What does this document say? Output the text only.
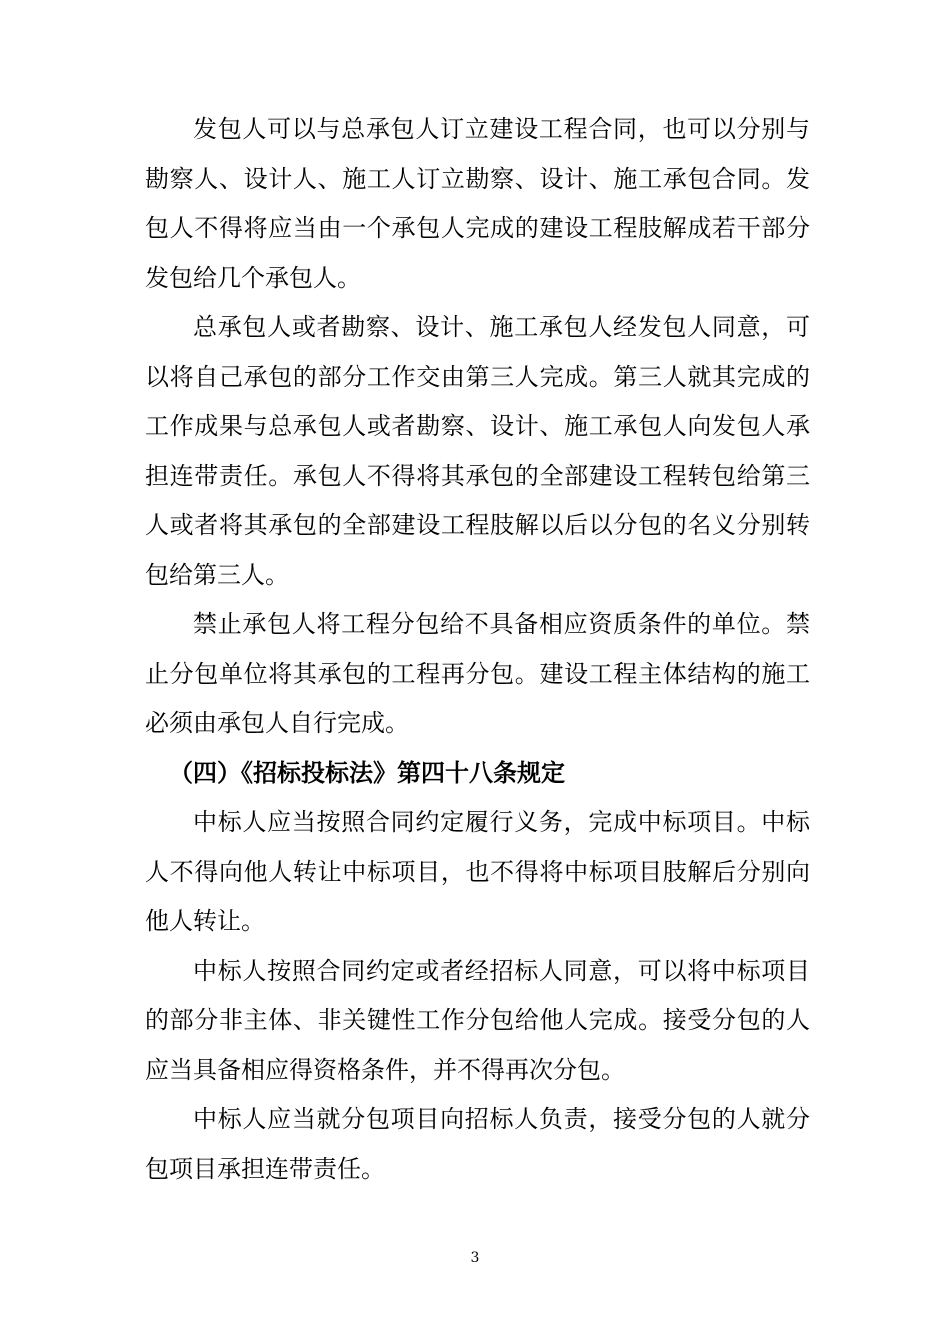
发包人可以与总承包人订立建设工程合同，也可以分别与勘察人、设计人、施工人订立勘察、设计、施工承包合同。发包人不得将应当由一个承包人完成的建设工程肢解成若干部分发包给几个承包人。

总承包人或者勘察、设计、施工承包人经发包人同意，可以将自己承包的部分工作交由第三人完成。第三人就其完成的工作成果与总承包人或者勘察、设计、施工承包人向发包人承担连带责任。承包人不得将其承包的全部建设工程转包给第三人或者将其承包的全部建设工程肢解以后以分包的名义分别转包给第三人。

禁止承包人将工程分包给不具备相应资质条件的单位。禁止分包单位将其承包的工程再分包。建设工程主体结构的施工必须由承包人自行完成。

（四）《招标投标法》第四十八条规定

中标人应当按照合同约定履行义务，完成中标项目。中标人不得向他人转让中标项目，也不得将中标项目肢解后分别向他人转让。

中标人按照合同约定或者经招标人同意，可以将中标项目的部分非主体、非关键性工作分包给他人完成。接受分包的人应当具备相应得资格条件，并不得再次分包。

中标人应当就分包项目向招标人负责，接受分包的人就分包项目承担连带责任。

3
